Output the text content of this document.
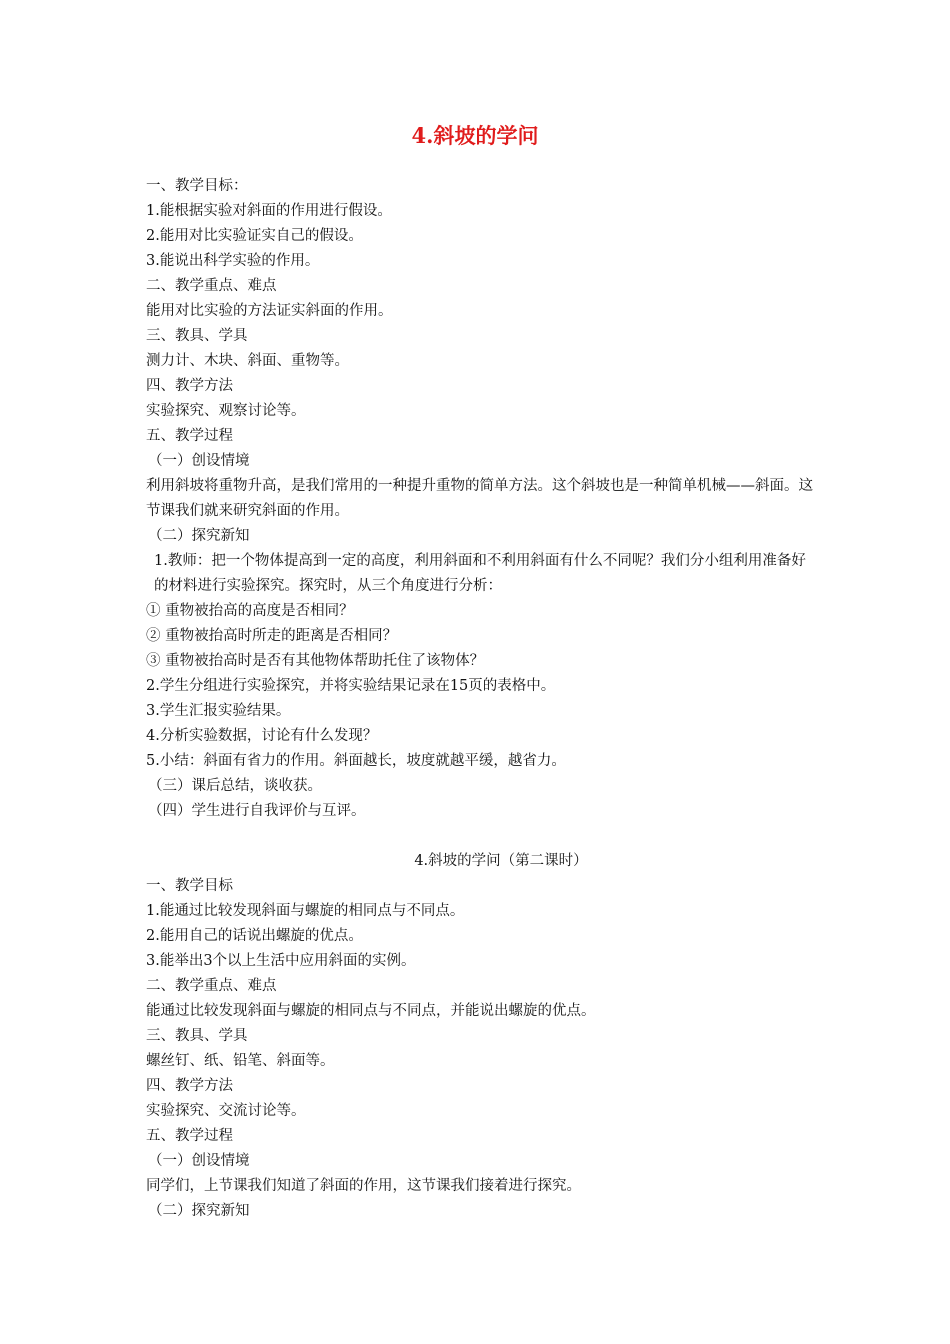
4.斜坡的学问

一、教学目标：

1.能根据实验对斜面的作用进行假设。

2.能用对比实验证实自己的假设。

3.能说出科学实验的作用。

二、教学重点、难点

能用对比实验的方法证实斜面的作用。

三、教具、学具

测力计、木块、斜面、重物等。

四、教学方法

实验探究、观察讨论等。

五、教学过程

（一）创设情境

利用斜坡将重物升高，是我们常用的一种提升重物的简单方法。这个斜坡也是一种简单机械——斜面。这节课我们就来研究斜面的作用。

（二）探究新知

1.教师：把一个物体提高到一定的高度，利用斜面和不利用斜面有什么不同呢？我们分小组利用准备好的材料进行实验探究。探究时，从三个角度进行分析：

① 重物被抬高的高度是否相同？

② 重物被抬高时所走的距离是否相同？

③ 重物被抬高时是否有其他物体帮助托住了该物体？

2.学生分组进行实验探究，并将实验结果记录在15页的表格中。

3.学生汇报实验结果。

4.分析实验数据，讨论有什么发现？

5.小结：斜面有省力的作用。斜面越长，坡度就越平缓，越省力。

（三）课后总结，谈收获。

（四）学生进行自我评价与互评。

4.斜坡的学问（第二课时）

一、教学目标

1.能通过比较发现斜面与螺旋的相同点与不同点。

2.能用自己的话说出螺旋的优点。

3.能举出3个以上生活中应用斜面的实例。

二、教学重点、难点

能通过比较发现斜面与螺旋的相同点与不同点，并能说出螺旋的优点。

三、教具、学具

螺丝钉、纸、铅笔、斜面等。

四、教学方法

实验探究、交流讨论等。

五、教学过程

（一）创设情境

同学们，上节课我们知道了斜面的作用，这节课我们接着进行探究。

（二）探究新知
